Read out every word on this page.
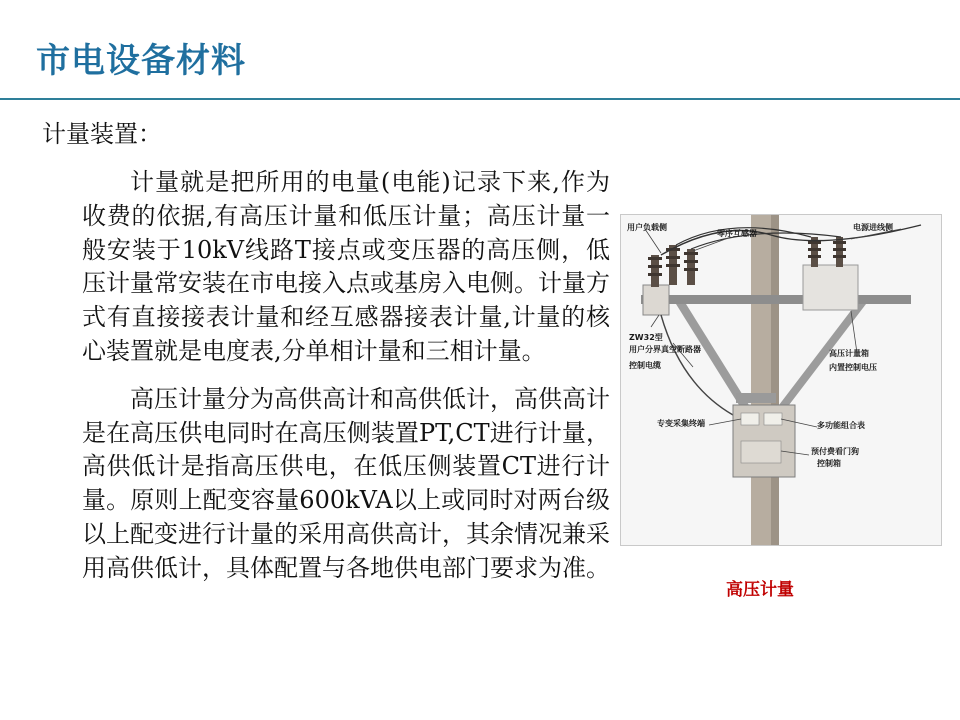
市电设备材料
计量装置：

计量就是把所用的电量(电能)记录下来,作为收费的依据,有高压计量和低压计量；高压计量一般安装于10kV线路T接点或变压器的高压侧，低压计量常安装在市电接入点或基房入电侧。计量方式有直接接表计量和经互感器接表计量,计量的核心装置就是电度表,分单相计量和三相计量。

高压计量分为高供高计和高供低计，高供高计是在高压供电同时在高压侧装置PT,CT进行计量，高供低计是指高压供电，在低压侧装置CT进行计量。原则上配变容量600kVA以上或同时对两台级以上配变进行计量的采用高供高计，其余情况兼采用高供低计，具体配置与各地供电部门要求为准。

用户负载侧
零序互感器
电源进线侧
ZW32型
用户分界真空断路器
控制电缆
高压计量箱
内置控制电压
专变采集终端	多功能组合表
预付费看门狗
控制箱
高压计量
